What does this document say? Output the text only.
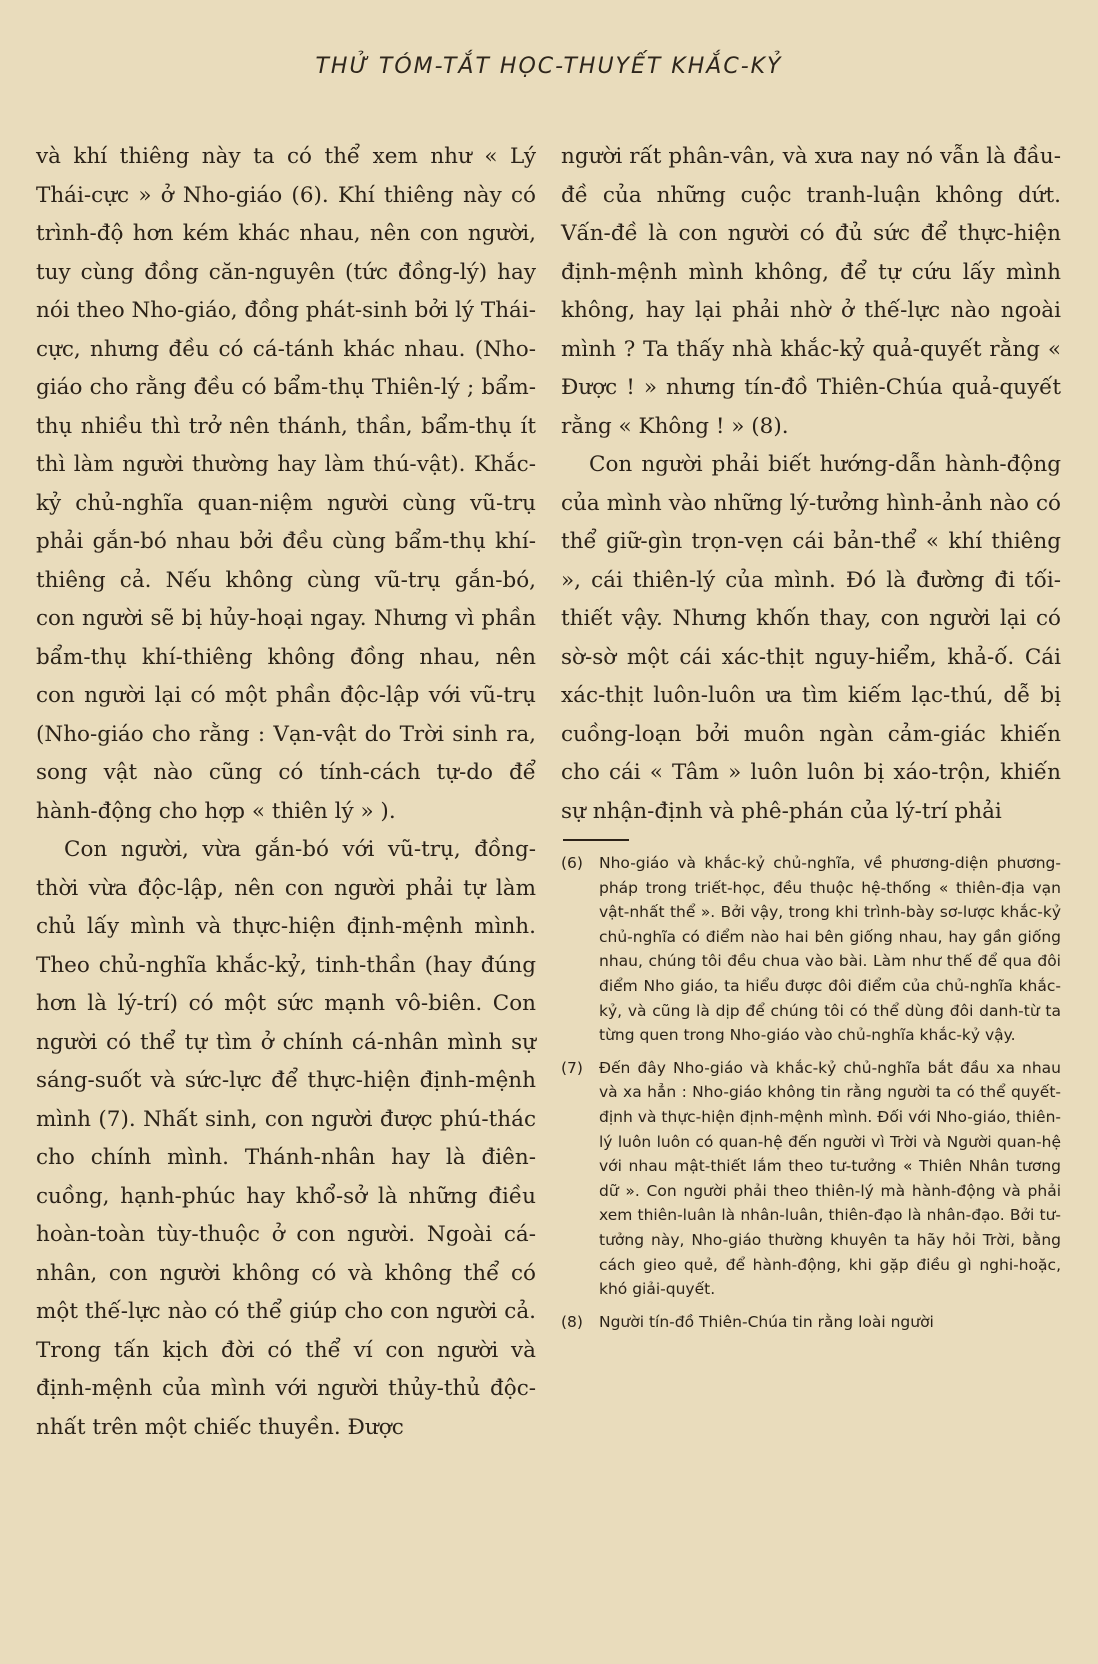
THỬ TÓM-TẮT HỌC-THUYẾT KHẮC-KỶ

và khí thiêng này ta có thể xem như « Lý Thái-cực » ở Nho-giáo (6). Khí thiêng này có trình-độ hơn kém khác nhau, nên con người, tuy cùng đồng căn-nguyên (tức đồng-lý) hay nói theo Nho-giáo, đồng phát-sinh bởi lý Thái-cực, nhưng đều có cá-tánh khác nhau. (Nho-giáo cho rằng đều có bẩm-thụ Thiên-lý ; bẩm-thụ nhiều thì trở nên thánh, thần, bẩm-thụ ít thì làm người thường hay làm thú-vật). Khắc-kỷ chủ-nghĩa quan-niệm người cùng vũ-trụ phải gắn-bó nhau bởi đều cùng bẩm-thụ khí-thiêng cả. Nếu không cùng vũ-trụ gắn-bó, con người sẽ bị hủy-hoại ngay. Nhưng vì phần bẩm-thụ khí-thiêng không đồng nhau, nên con người lại có một phần độc-lập với vũ-trụ (Nho-giáo cho rằng : Vạn-vật do Trời sinh ra, song vật nào cũng có tính-cách tự-do để hành-động cho hợp « thiên lý » ).

Con người, vừa gắn-bó với vũ-trụ, đồng-thời vừa độc-lập, nên con người phải tự làm chủ lấy mình và thực-hiện định-mệnh mình. Theo chủ-nghĩa khắc-kỷ, tinh-thần (hay đúng hơn là lý-trí) có một sức mạnh vô-biên. Con người có thể tự tìm ở chính cá-nhân mình sự sáng-suốt và sức-lực để thực-hiện định-mệnh mình (7). Nhất sinh, con người được phú-thác cho chính mình. Thánh-nhân hay là điên-cuồng, hạnh-phúc hay khổ-sở là những điều hoàn-toàn tùy-thuộc ở con người. Ngoài cá-nhân, con người không có và không thể có một thế-lực nào có thể giúp cho con người cả. Trong tấn kịch đời có thể ví con người và định-mệnh của mình với người thủy-thủ độc-nhất trên một chiếc thuyền. Được

người rất phân-vân, và xưa nay nó vẫn là đầu-đề của những cuộc tranh-luận không dứt. Vấn-đề là con người có đủ sức để thực-hiện định-mệnh mình không, để tự cứu lấy mình không, hay lại phải nhờ ở thế-lực nào ngoài mình ? Ta thấy nhà khắc-kỷ quả-quyết rằng « Được ! » nhưng tín-đồ Thiên-Chúa quả-quyết rằng « Không ! » (8).

Con người phải biết hướng-dẫn hành-động của mình vào những lý-tưởng hình-ảnh nào có thể giữ-gìn trọn-vẹn cái bản-thể « khí thiêng », cái thiên-lý của mình. Đó là đường đi tối-thiết vậy. Nhưng khốn thay, con người lại có sờ-sờ một cái xác-thịt nguy-hiểm, khả-ố. Cái xác-thịt luôn-luôn ưa tìm kiếm lạc-thú, dễ bị cuồng-loạn bởi muôn ngàn cảm-giác khiến cho cái « Tâm » luôn luôn bị xáo-trộn, khiến sự nhận-định và phê-phán của lý-trí phải

(6)	Nho-giáo và khắc-kỷ chủ-nghĩa, về phương-diện phương-pháp trong triết-học, đều thuộc hệ-thống « thiên-địa vạn vật-nhất thể ». Bởi vậy, trong khi trình-bày sơ-lược khắc-kỷ chủ-nghĩa có điểm nào hai bên giống nhau, hay gần giống nhau, chúng tôi đều chua vào bài. Làm như thế để qua đôi điểm Nho giáo, ta hiểu được đôi điểm của chủ-nghĩa khắc-kỷ, và cũng là dịp để chúng tôi có thể dùng đôi danh-từ ta từng quen trong Nho-giáo vào chủ-nghĩa khắc-kỷ vậy.
(7)	Đến đây Nho-giáo và khắc-kỷ chủ-nghĩa bắt đầu xa nhau và xa hẳn : Nho-giáo không tin rằng người ta có thể quyết-định và thực-hiện định-mệnh mình. Đối với Nho-giáo, thiên-lý luôn luôn có quan-hệ đến người vì Trời và Người quan-hệ với nhau mật-thiết lắm theo tư-tưởng « Thiên Nhân tương dữ ». Con người phải theo thiên-lý mà hành-động và phải xem thiên-luân là nhân-luân, thiên-đạo là nhân-đạo. Bởi tư-tưởng này, Nho-giáo thường khuyên ta hãy hỏi Trời, bằng cách gieo quẻ, để hành-động, khi gặp điều gì nghi-hoặc, khó giải-quyết.
(8)	Người tín-đồ Thiên-Chúa tin rằng loài người
